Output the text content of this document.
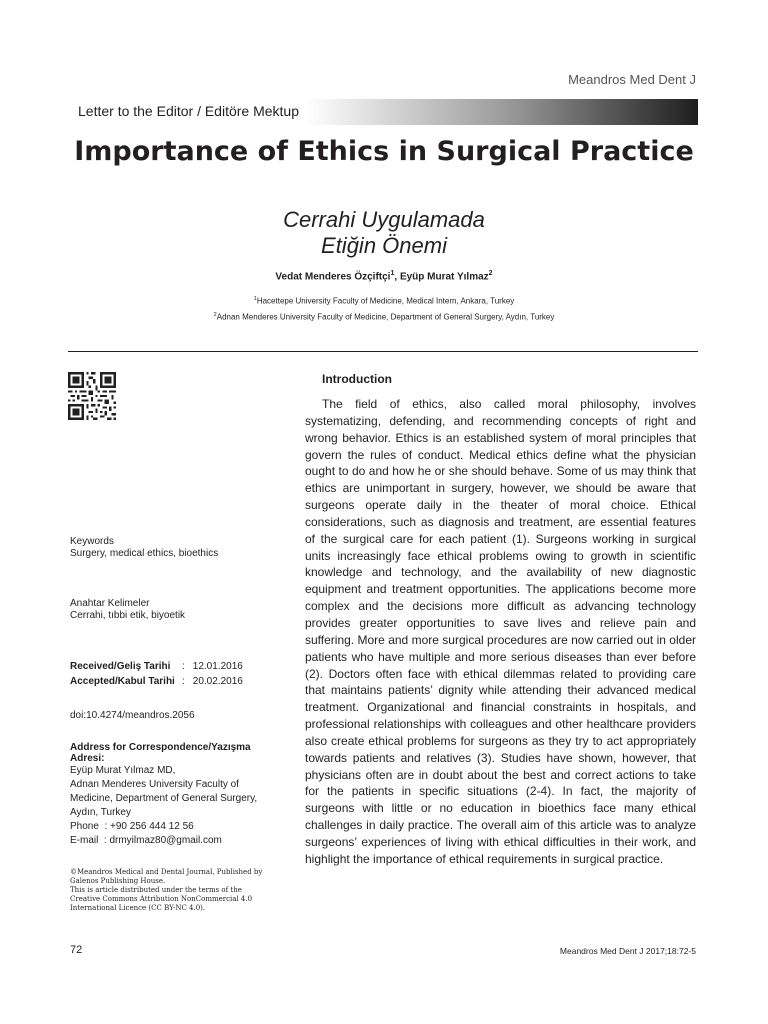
Meandros Med Dent J
Letter to the Editor / Editöre Mektup
Importance of Ethics in Surgical Practice
Cerrahi Uygulamada
Etiğin Önemi
Vedat Menderes Özçiftçi$^1$, Eyüp Murat Yılmaz$^2$
$^1$Hacettepe University Faculty of Medicine, Medical Intern, Ankara, Turkey
$^2$Adnan Menderes University Faculty of Medicine, Department of General Surgery, Aydın, Turkey
Keywords
Surgery, medical ethics, bioethics
Anahtar Kelimeler
Cerrahi, tıbbi etik, biyoetik
Received/Geliş Tarihi	:	12.01.2016
Accepted/Kabul Tarihi	:	20.02.2016
doi:10.4274/meandros.2056
Address for Correspondence/Yazışma Adresi:
Eyüp Murat Yılmaz MD,
Adnan Menderes University Faculty of
Medicine, Department of General Surgery,
Aydın, Turkey
Phone  : +90 256 444 12 56
E-mail  : drmyilmaz80@gmail.com
©Meandros Medical and Dental Journal, Published by
Galenos Publishing House.
This is article distributed under the terms of the
Creative Commons Attribution NonCommercial 4.0
International Licence (CC BY-NC 4.0).
Introduction

The field of ethics, also called moral philosophy, involves systematizing, defending, and recommending concepts of right and wrong behavior. Ethics is an established system of moral principles that govern the rules of conduct. Medical ethics define what the physician ought to do and how he or she should behave. Some of us may think that ethics are unimportant in surgery, however, we should be aware that surgeons operate daily in the theater of moral choice. Ethical considerations, such as diagnosis and treatment, are essential features of the surgical care for each patient (1). Surgeons working in surgical units increasingly face ethical problems owing to growth in scientific knowledge and technology, and the availability of new diagnostic equipment and treatment opportunities. The applications become more complex and the decisions more difficult as advancing technology provides greater opportunities to save lives and relieve pain and suffering. More and more surgical procedures are now carried out in older patients who have multiple and more serious diseases than ever before (2). Doctors often face with ethical dilemmas related to providing care that maintains patients’ dignity while attending their advanced medical treatment. Organizational and financial constraints in hospitals, and professional relationships with colleagues and other healthcare providers also create ethical problems for surgeons as they try to act appropriately towards patients and relatives (3). Studies have shown, however, that physicians often are in doubt about the best and correct actions to take for the patients in specific situations (2-4). In fact, the majority of surgeons with little or no education in bioethics face many ethical challenges in daily practice. The overall aim of this article was to analyze surgeons’ experiences of living with ethical difficulties in their work, and highlight the importance of ethical requirements in surgical practice.

72	Meandros Med Dent J 2017;18:72-5
